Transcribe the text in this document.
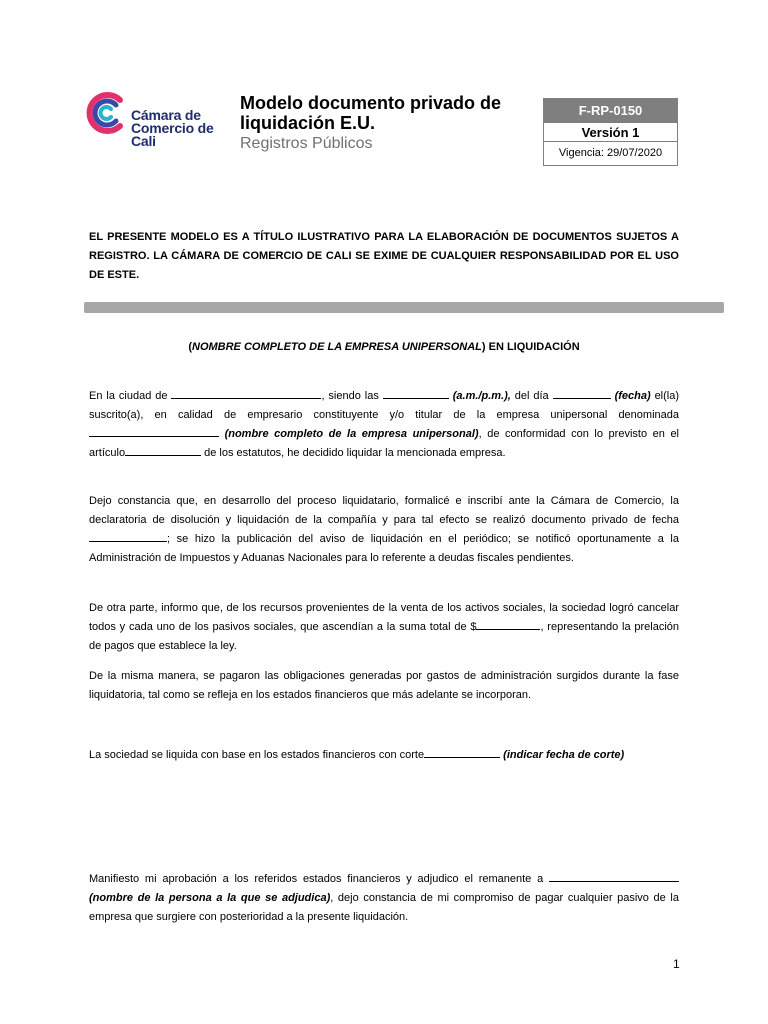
Cámara de
Comercio de
Cali
Modelo documento privado de liquidación E.U.
Registros Públicos
F-RP-0150
Versión 1
Vigencia: 29/07/2020
EL PRESENTE MODELO ES A TÍTULO ILUSTRATIVO PARA LA ELABORACIÓN DE DOCUMENTOS SUJETOS A REGISTRO. LA CÁMARA DE COMERCIO DE CALI SE EXIME DE CUALQUIER RESPONSABILIDAD POR EL USO DE ESTE.
(NOMBRE COMPLETO DE LA EMPRESA UNIPERSONAL) EN LIQUIDACIÓN
En la ciudad de	, siendo las	(a.m./p.m.), del día	(fecha) el(la) suscrito(a), en calidad de empresario constituyente y/o titular de la empresa unipersonal denominada (nombre completo de la empresa unipersonal), de conformidad con lo previsto en el artículo	de los estatutos, he decidido liquidar la mencionada empresa.
Dejo constancia que, en desarrollo del proceso liquidatario, formalicé e inscribí ante la Cámara de Comercio, la declaratoria de disolución y liquidación de la compañía y para tal efecto se realizó documento privado de fecha; se hizo la publicación del aviso de liquidación en el periódico; se notificó oportunamente a la Administración de Impuestos y Aduanas Nacionales para lo referente a deudas fiscales pendientes.
De otra parte, informo que, de los recursos provenientes de la venta de los activos sociales, la sociedad logró cancelar todos y cada uno de los pasivos sociales, que ascendían a la suma total de $	, representando la prelación de pagos que establece la ley.
De la misma manera, se pagaron las obligaciones generadas por gastos de administración surgidos durante la fase liquidatoria, tal como se refleja en los estados financieros que más adelante se incorporan.
La sociedad se liquida con base en los estados financieros con corte	(indicar fecha de corte)
Manifiesto mi aprobación a los referidos estados financieros y adjudico el remanente a  (nombre de la persona a la que se adjudica), dejo constancia de mi compromiso de pagar cualquier pasivo de la empresa que surgiere con posterioridad a la presente liquidación.
1
